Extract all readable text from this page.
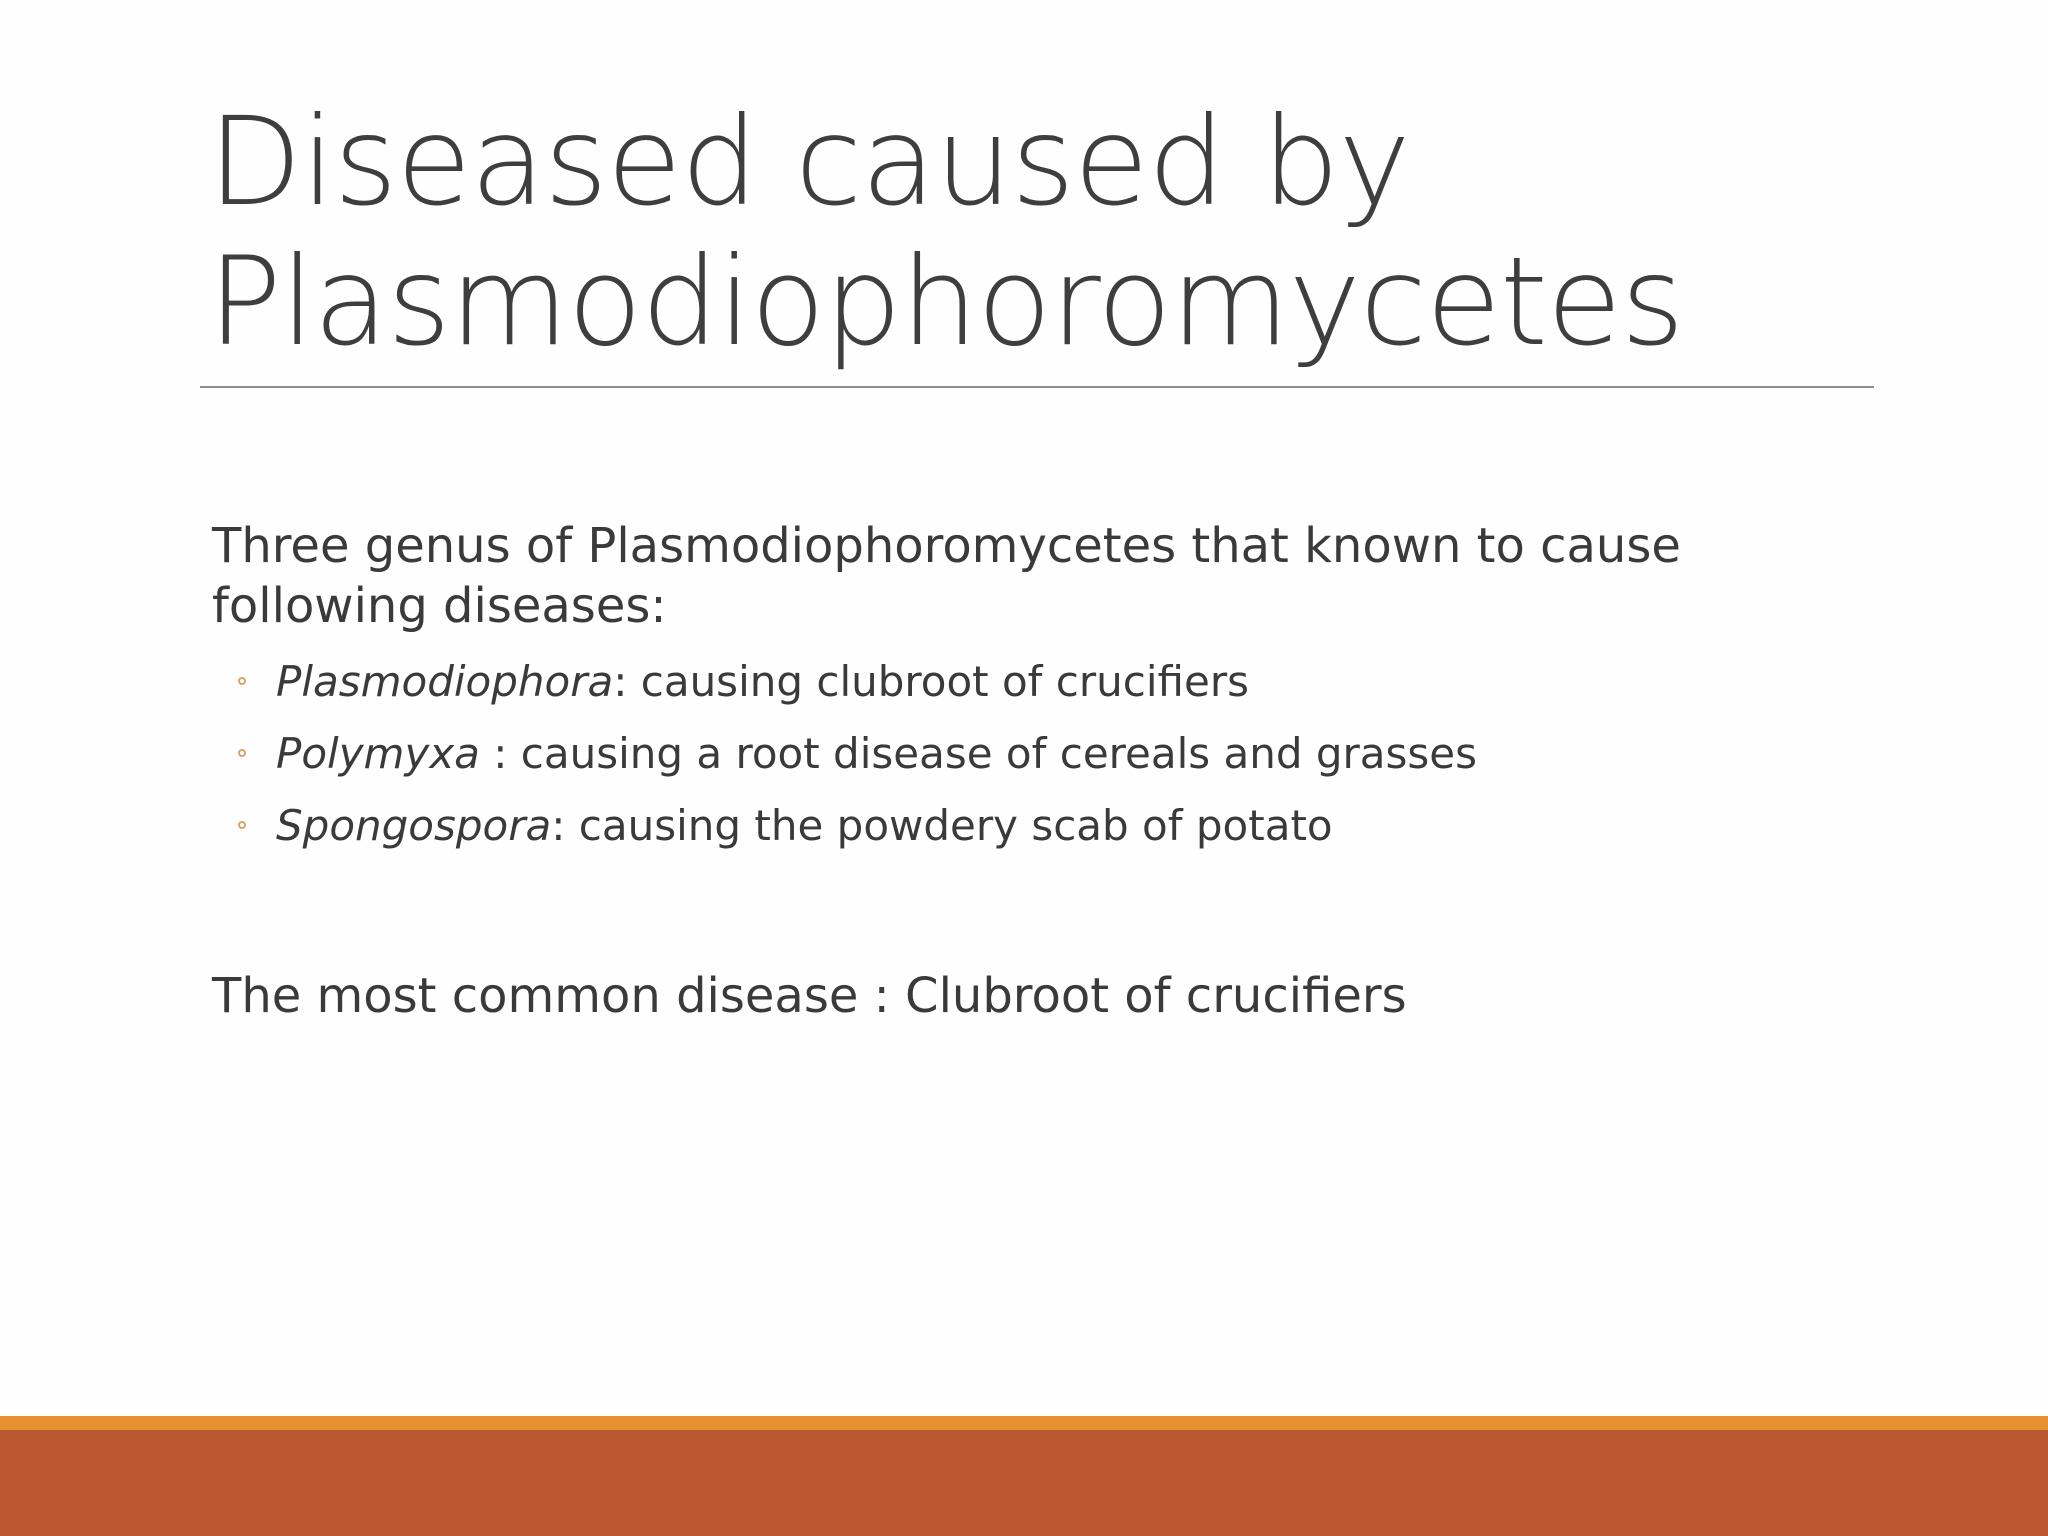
Diseased caused by
Plasmodiophoromycetes

Three genus of Plasmodiophoromycetes that known to cause following diseases:

Plasmodiophora: causing clubroot of crucifiers
Polymyxa : causing a root disease of cereals and grasses
Spongospora: causing the powdery scab of potato

The most common disease : Clubroot of crucifiers
